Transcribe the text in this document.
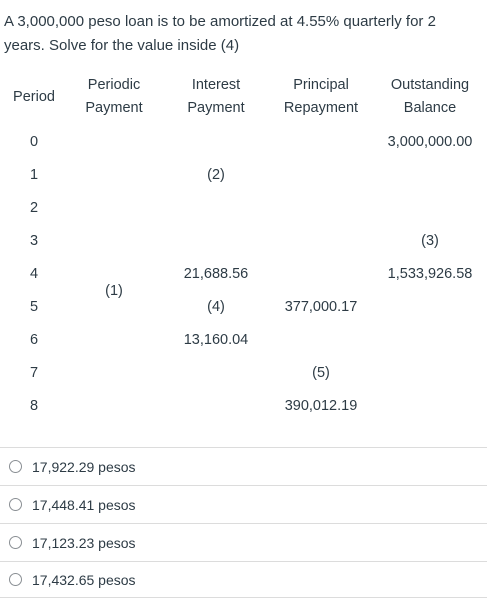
A 3,000,000 peso loan is to be amortized at 4.55% quarterly for 2
years. Solve for the value inside (4)
Period
Periodic
Payment
Interest
Payment
Principal
Repayment
Outstanding
Balance
0
1
2
3
4
5
6
7
8
(1)
(2)
21,688.56
(4)
13,160.04
377,000.17
(5)
390,012.19
3,000,000.00
(3)
1,533,926.58
17,922.29 pesos
17,448.41 pesos
17,123.23 pesos
17,432.65 pesos
